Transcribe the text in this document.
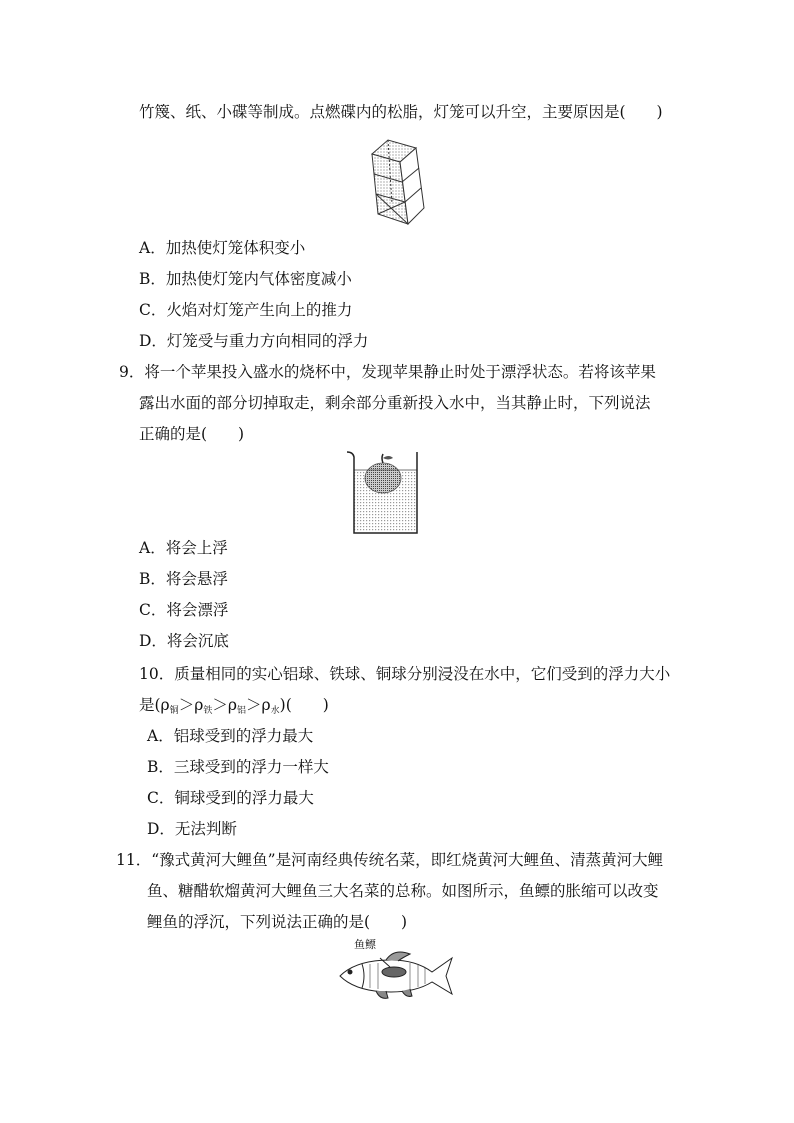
竹篾、纸、小碟等制成。点燃碟内的松脂，灯笼可以升空，主要原因是(　　)
A．加热使灯笼体积变小
B．加热使灯笼内气体密度减小
C．火焰对灯笼产生向上的推力
D．灯笼受与重力方向相同的浮力
9．将一个苹果投入盛水的烧杯中，发现苹果静止时处于漂浮状态。若将该苹果
露出水面的部分切掉取走，剩余部分重新投入水中，当其静止时，下列说法
正确的是(　　)
A．将会上浮
B．将会悬浮
C．将会漂浮
D．将会沉底
10．质量相同的实心铝球、铁球、铜球分别浸没在水中，它们受到的浮力大小
是$(\rho_铜>\rho_铁>\rho_铝>\rho_水)$(　　)
A．铝球受到的浮力最大
B．三球受到的浮力一样大
C．铜球受到的浮力最大
D．无法判断
11．“豫式黄河大鲤鱼”是河南经典传统名菜，即红烧黄河大鲤鱼、清蒸黄河大鲤
鱼、糖醋软熘黄河大鲤鱼三大名菜的总称。如图所示，鱼鳔的胀缩可以改变
鲤鱼的浮沉，下列说法正确的是(　　)
鱼鳔
